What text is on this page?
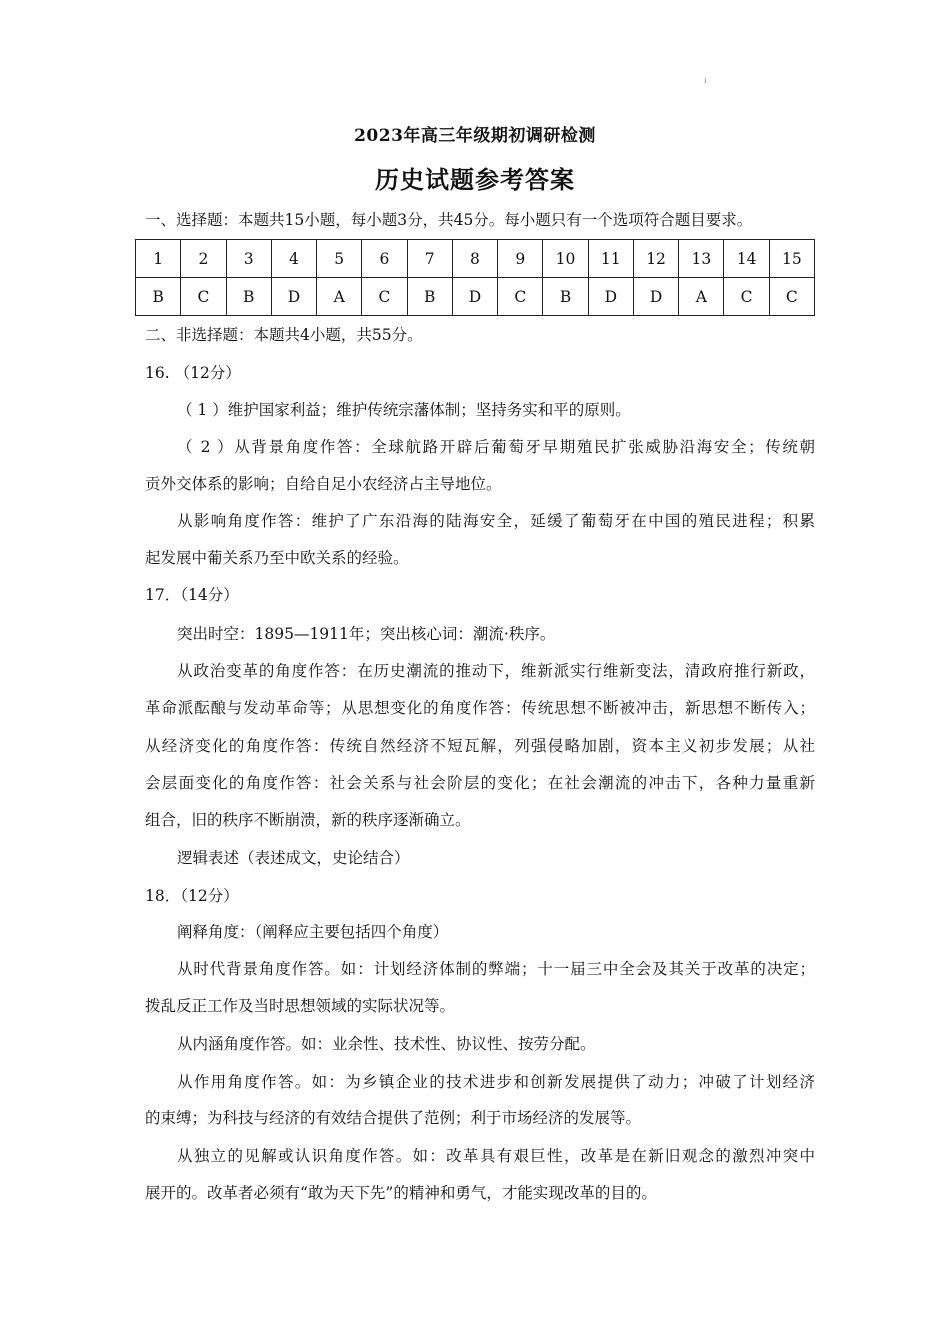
ı
2023年高三年级期初调研检测
历史试题参考答案
一、选择题：本题共15小题，每小题3分，共45分。每小题只有一个选项符合题目要求。
1	2	3	4	5	6	7	8	9	10	11	12	13	14	15
B	C	B	D	A	C	B	D	C	B	D	D	A	C	C
二、非选择题：本题共4小题，共55分。
16. （12分）
（ 1 ）维护国家利益；维护传统宗藩体制；坚持务实和平的原则。
（ 2 ）从背景角度作答：全球航路开辟后葡萄牙早期殖民扩张威胁沿海安全；传统朝
贡外交体系的影响；自给自足小农经济占主导地位。
从影响角度作答：维护了广东沿海的陆海安全，延缓了葡萄牙在中国的殖民进程；积累
起发展中葡关系乃至中欧关系的经验。
17．（14分）
突出时空：1895—1911年；突出核心词：潮流·秩序。
从政治变革的角度作答：在历史潮流的推动下，维新派实行维新变法，清政府推行新政，
革命派酝酿与发动革命等；从思想变化的角度作答：传统思想不断被冲击，新思想不断传入；
从经济变化的角度作答：传统自然经济不短瓦解，列强侵略加剧，资本主义初步发展；从社
会层面变化的角度作答：社会关系与社会阶层的变化；在社会潮流的冲击下，各种力量重新
组合，旧的秩序不断崩溃，新的秩序逐渐确立。
逻辑表述（表述成文，史论结合）
18．（12分）
阐释角度：（阐释应主要包括四个角度）
从时代背景角度作答。如：计划经济体制的弊端；十一届三中全会及其关于改革的决定；
拨乱反正工作及当时思想领域的实际状况等。
从内涵角度作答。如：业余性、技术性、协议性、按劳分配。
从作用角度作答。如：为乡镇企业的技术进步和创新发展提供了动力；冲破了计划经济
的束缚；为科技与经济的有效结合提供了范例；利于市场经济的发展等。
从独立的见解或认识角度作答。如：改革具有艰巨性，改革是在新旧观念的激烈冲突中
展开的。改革者必须有“敢为天下先”的精神和勇气，才能实现改革的目的。
